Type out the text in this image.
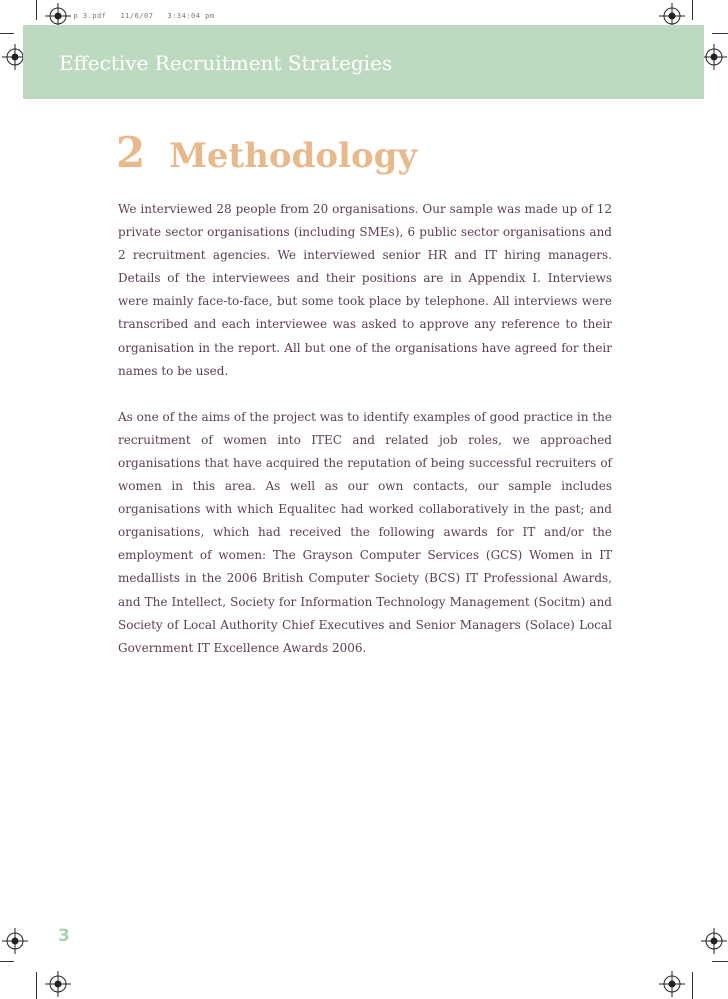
p 3.pdf 11/6/07 3:34:04 pm

Effective Recruitment Strategies
2 Methodology

We interviewed 28 people from 20 organisations. Our sample was made up of 12 private sector organisations (including SMEs), 6 public sector organisations and 2 recruitment agencies. We interviewed senior HR and IT hiring managers. Details of the interviewees and their positions are in Appendix I. Interviews were mainly face-to-face, but some took place by telephone. All interviews were transcribed and each interviewee was asked to approve any reference to their organisation in the report. All but one of the organisations have agreed for their names to be used.

As one of the aims of the project was to identify examples of good practice in the recruitment of women into ITEC and related job roles, we approached organisations that have acquired the reputation of being successful recruiters of women in this area. As well as our own contacts, our sample includes organisations with which Equalitec had worked collaboratively in the past; and organisations, which had received the following awards for IT and/or the employment of women: The Grayson Computer Services (GCS) Women in IT medallists in the 2006 British Computer Society (BCS) IT Professional Awards, and The Intellect, Society for Information Technology Management (Socitm) and Society of Local Authority Chief Executives and Senior Managers (Solace) Local Government IT Excellence Awards 2006.

3
